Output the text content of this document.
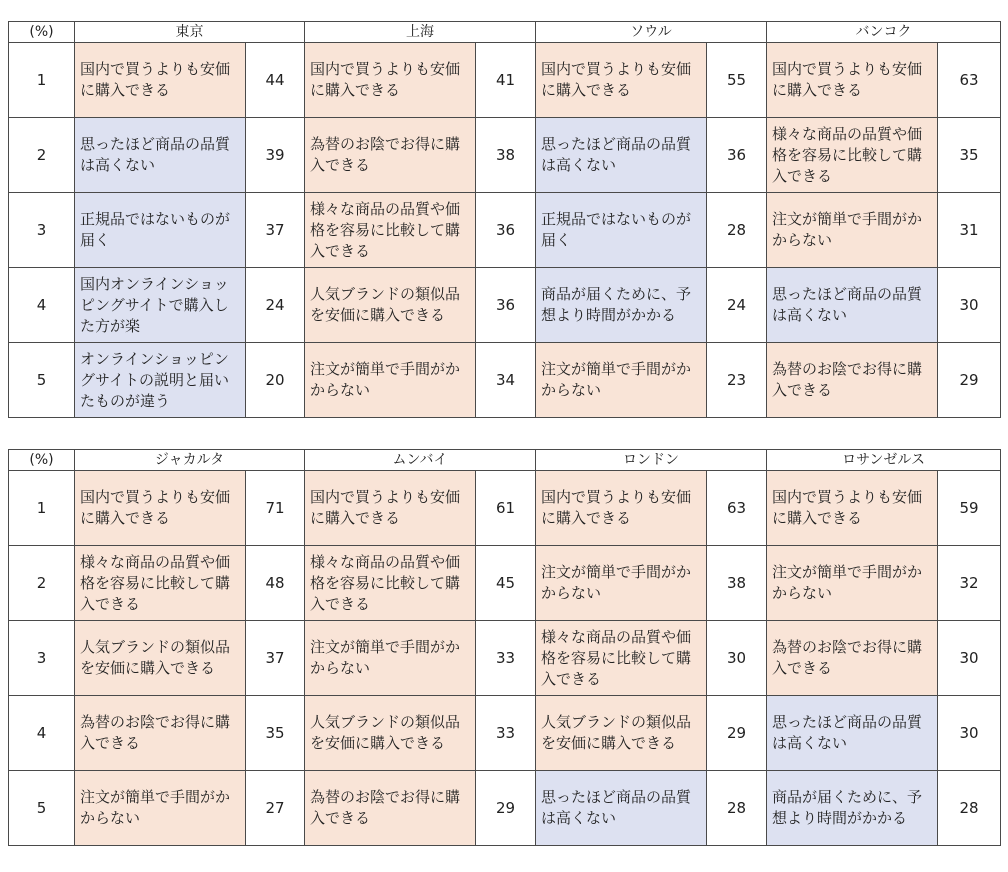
(%)	東京		上海		ソウル		バンコク	
1	国内で買うよりも安価に購入できる	44	国内で買うよりも安価に購入できる	41	国内で買うよりも安価に購入できる	55	国内で買うよりも安価に購入できる	63
2	思ったほど商品の品質は高くない	39	為替のお陰でお得に購入できる	38	思ったほど商品の品質は高くない	36	様々な商品の品質や価格を容易に比較して購入できる	35
3	正規品ではないものが届く	37	様々な商品の品質や価格を容易に比較して購入できる	36	正規品ではないものが届く	28	注文が簡単で手間がかからない	31
4	国内オンラインショッピングサイトで購入した方が楽	24	人気ブランドの類似品を安価に購入できる	36	商品が届くために、予想より時間がかかる	24	思ったほど商品の品質は高くない	30
5	オンラインショッピングサイトの説明と届いたものが違う	20	注文が簡単で手間がかからない	34	注文が簡単で手間がかからない	23	為替のお陰でお得に購入できる	29
(%)	ジャカルタ		ムンバイ		ロンドン		ロサンゼルス	
1	国内で買うよりも安価に購入できる	71	国内で買うよりも安価に購入できる	61	国内で買うよりも安価に購入できる	63	国内で買うよりも安価に購入できる	59
2	様々な商品の品質や価格を容易に比較して購入できる	48	様々な商品の品質や価格を容易に比較して購入できる	45	注文が簡単で手間がかからない	38	注文が簡単で手間がかからない	32
3	人気ブランドの類似品を安価に購入できる	37	注文が簡単で手間がかからない	33	様々な商品の品質や価格を容易に比較して購入できる	30	為替のお陰でお得に購入できる	30
4	為替のお陰でお得に購入できる	35	人気ブランドの類似品を安価に購入できる	33	人気ブランドの類似品を安価に購入できる	29	思ったほど商品の品質は高くない	30
5	注文が簡単で手間がかからない	27	為替のお陰でお得に購入できる	29	思ったほど商品の品質は高くない	28	商品が届くために、予想より時間がかかる	28
